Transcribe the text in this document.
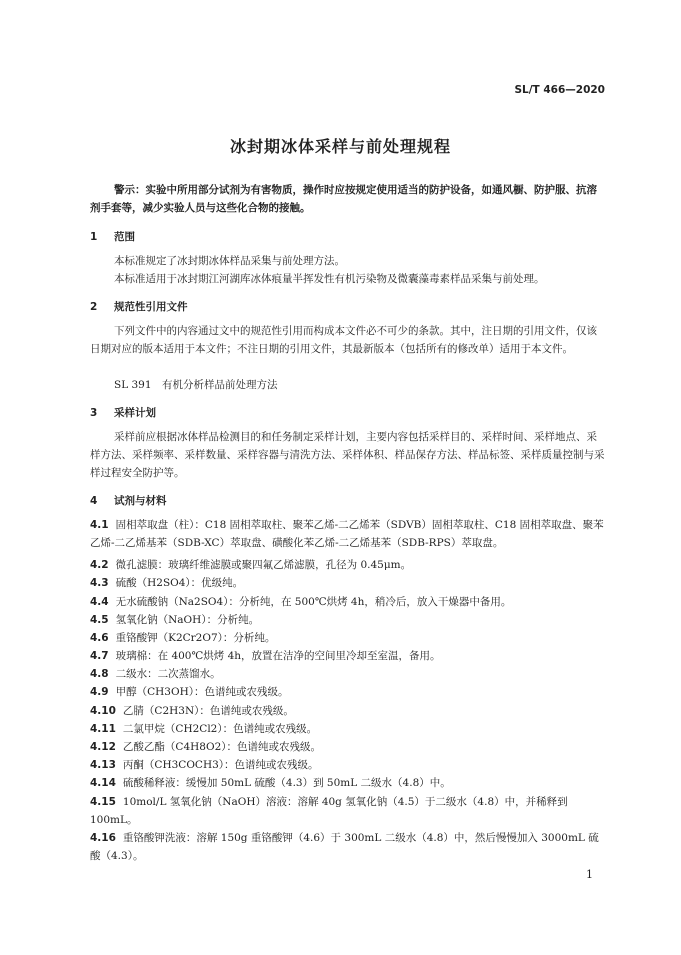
SL/T 466—2020
冰封期冰体采样与前处理规程
警示：实验中所用部分试剂为有害物质，操作时应按规定使用适当的防护设备，如通风橱、防护服、抗溶剂手套等，减少实验人员与这些化合物的接触。
1 范围
本标准规定了冰封期冰体样品采集与前处理方法。
本标准适用于冰封期江河湖库冰体痕量半挥发性有机污染物及微囊藻毒素样品采集与前处理。
2 规范性引用文件
下列文件中的内容通过文中的规范性引用而构成本文件必不可少的条款。其中，注日期的引用文件，仅该日期对应的版本适用于本文件；不注日期的引用文件，其最新版本（包括所有的修改单）适用于本文件。
SL 391　有机分析样品前处理方法
3 采样计划
采样前应根据冰体样品检测目的和任务制定采样计划，主要内容包括采样目的、采样时间、采样地点、采样方法、采样频率、采样数量、采样容器与清洗方法、采样体积、样品保存方法、样品标签、采样质量控制与采样过程安全防护等。
4 试剂与材料
4.1 固相萃取盘（柱）：C18 固相萃取柱、聚苯乙烯-二乙烯苯（SDVB）固相萃取柱、C18 固相萃取盘、聚苯乙烯-二乙烯基苯（SDB-XC）萃取盘、磺酸化苯乙烯-二乙烯基苯（SDB-RPS）萃取盘。
4.2 微孔滤膜：玻璃纤维滤膜或聚四氟乙烯滤膜，孔径为 0.45μm。
4.3 硫酸（H2SO4）：优级纯。
4.4 无水硫酸钠（Na2SO4）：分析纯，在 500℃烘烤 4h，稍冷后，放入干燥器中备用。
4.5 氢氧化钠（NaOH）：分析纯。
4.6 重铬酸钾（K2Cr2O7）：分析纯。
4.7 玻璃棉：在 400℃烘烤 4h，放置在洁净的空间里冷却至室温，备用。
4.8 二级水：二次蒸馏水。
4.9 甲醇（CH3OH）：色谱纯或农残级。
4.10 乙腈（C2H3N）：色谱纯或农残级。
4.11 二氯甲烷（CH2Cl2）：色谱纯或农残级。
4.12 乙酸乙酯（C4H8O2）：色谱纯或农残级。
4.13 丙酮（CH3COCH3）：色谱纯或农残级。
4.14 硫酸稀释液：缓慢加 50mL 硫酸（4.3）到 50mL 二级水（4.8）中。
4.15 10mol/L 氢氧化钠（NaOH）溶液：溶解 40g 氢氧化钠（4.5）于二级水（4.8）中，并稀释到 100mL。
4.16 重铬酸钾洗液：溶解 150g 重铬酸钾（4.6）于 300mL 二级水（4.8）中，然后慢慢加入 3000mL 硫酸（4.3）。
1
